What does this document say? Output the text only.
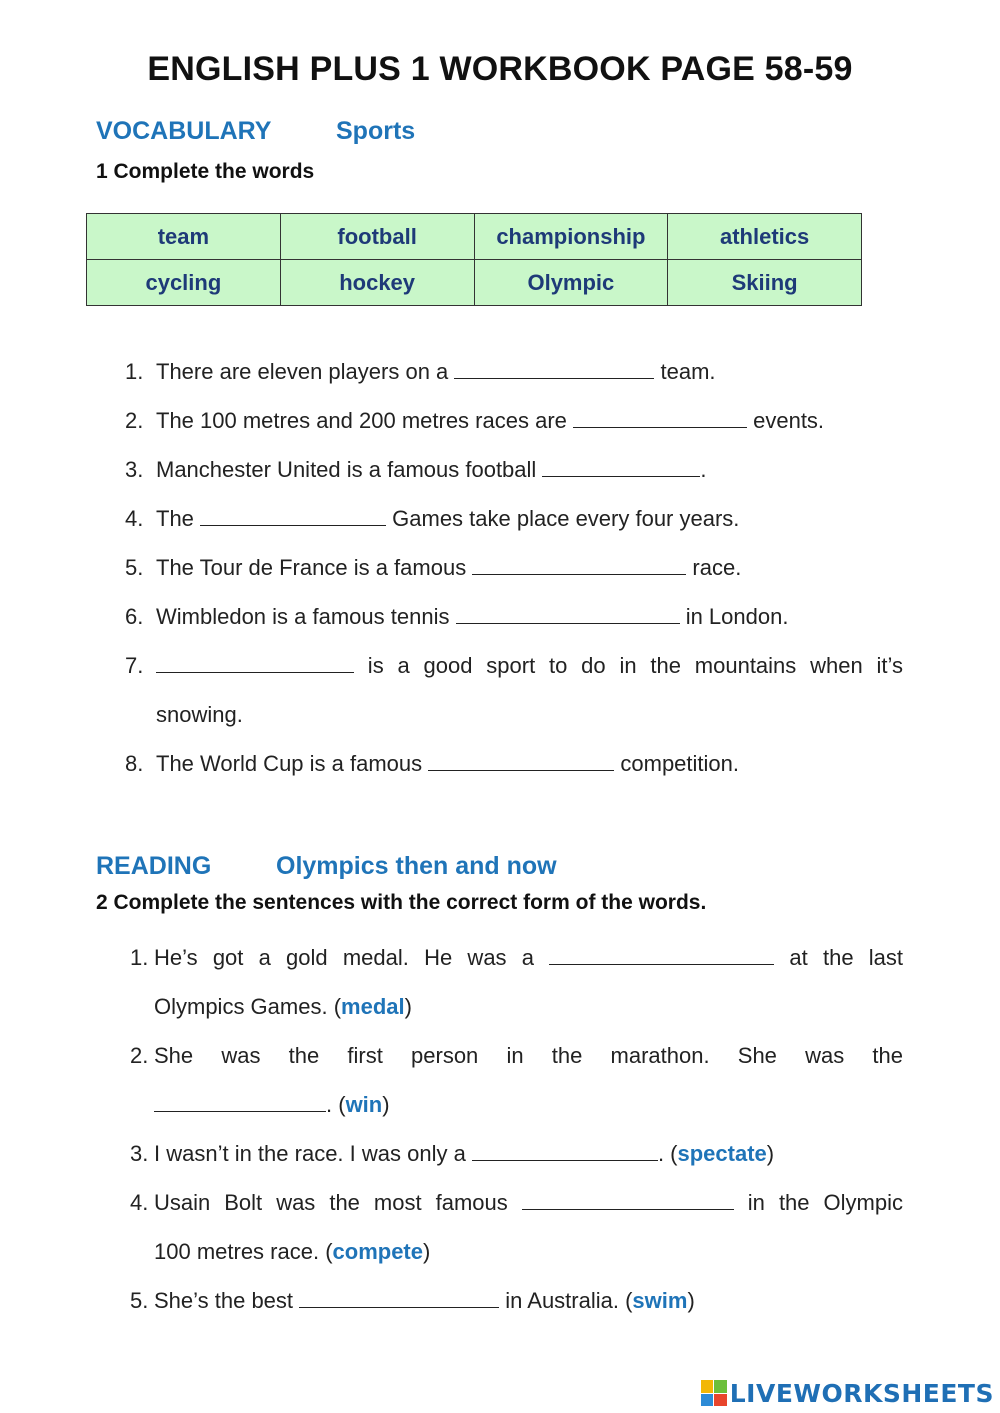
ENGLISH PLUS 1 WORKBOOK PAGE 58-59
VOCABULARY	Sports
1 Complete the words
team	football	championship	athletics
cycling	hockey	Olympic	Skiing
1. There are eleven players on a	team.
2. The 100 metres and 200 metres races are	events.
3. Manchester United is a famous football	.
4. The	Games take place every four years.
5. The Tour de France is a famous	race.
6. Wimbledon is a famous tennis	in London.
7.	is a good sport to do in the mountains when it’s
snowing.
8. The World Cup is a famous	competition.
READING	Olympics then and now
2 Complete the sentences with the correct form of the words.
1. He’s got a gold medal. He was a	at the last
Olympics Games. (medal)
2. She was the first person in the marathon. She was the
. (win)
3. I wasn’t in the race. I was only a	. (spectate)
4. Usain Bolt was the most famous	in the Olympic
100 metres race. (compete)
5. She’s the best	in Australia. (swim)
LIVEWORKSHEETS
